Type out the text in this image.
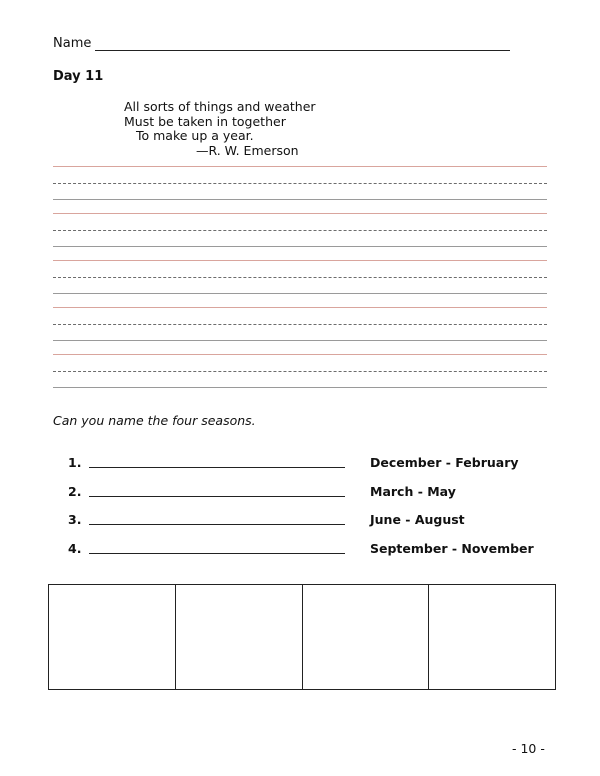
Name
Day 11
All sorts of things and weather
Must be taken in together
To make up a year.
—R. W. Emerson
Can you name the four seasons.
1.	December - February
2.	March - May
3.	June - August
4.	September - November
- 10 -
